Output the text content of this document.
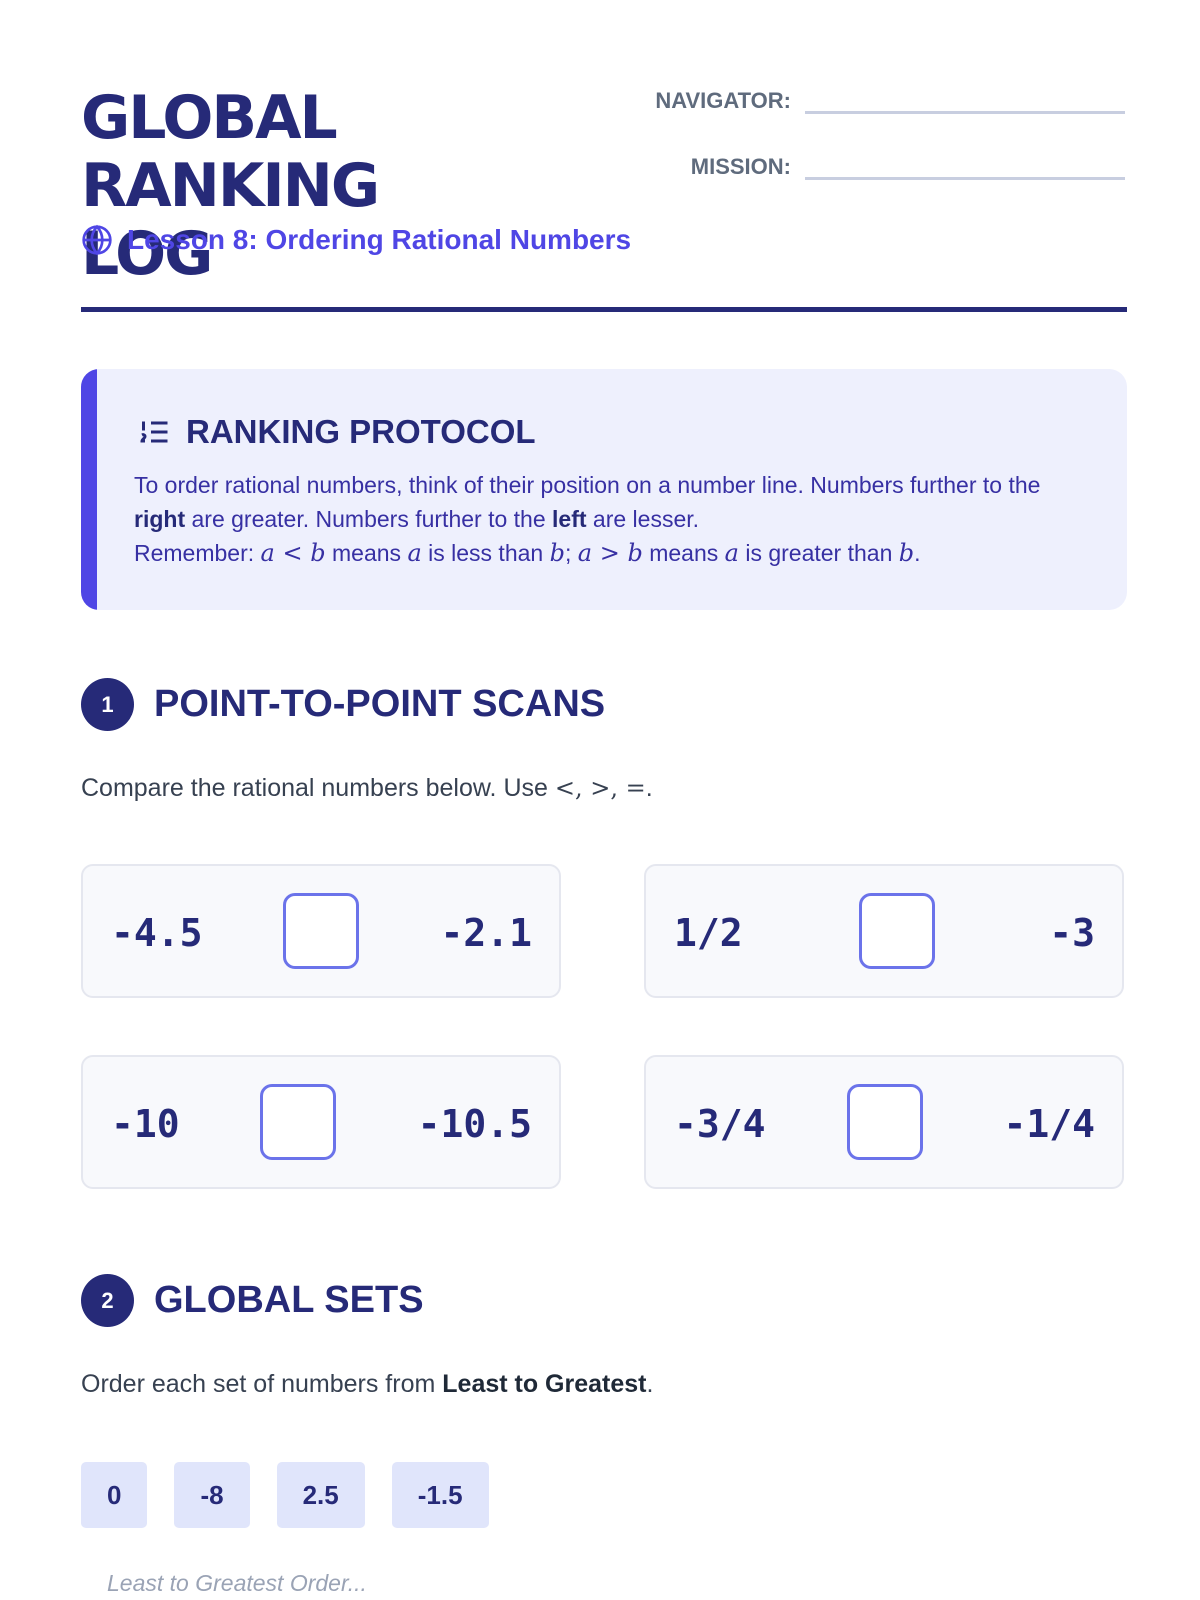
GLOBAL RANKING
LOG
Lesson 8: Ordering Rational Numbers
NAVIGATOR:
MISSION:
RANKING PROTOCOL
To order rational numbers, think of their position on a number line. Numbers further to the right are greater. Numbers further to the left are lesser.
Remember: a < b means a is less than b; a > b means a is greater than b.
1	POINT-TO-POINT SCANS
Compare the rational numbers below. Use <, >, =.
-4.5	-2.1	1/2	-3
-10	-10.5	-3/4	-1/4
2	GLOBAL SETS
Order each set of numbers from Least to Greatest.
0	-8	2.5	-1.5
Least to Greatest Order...
